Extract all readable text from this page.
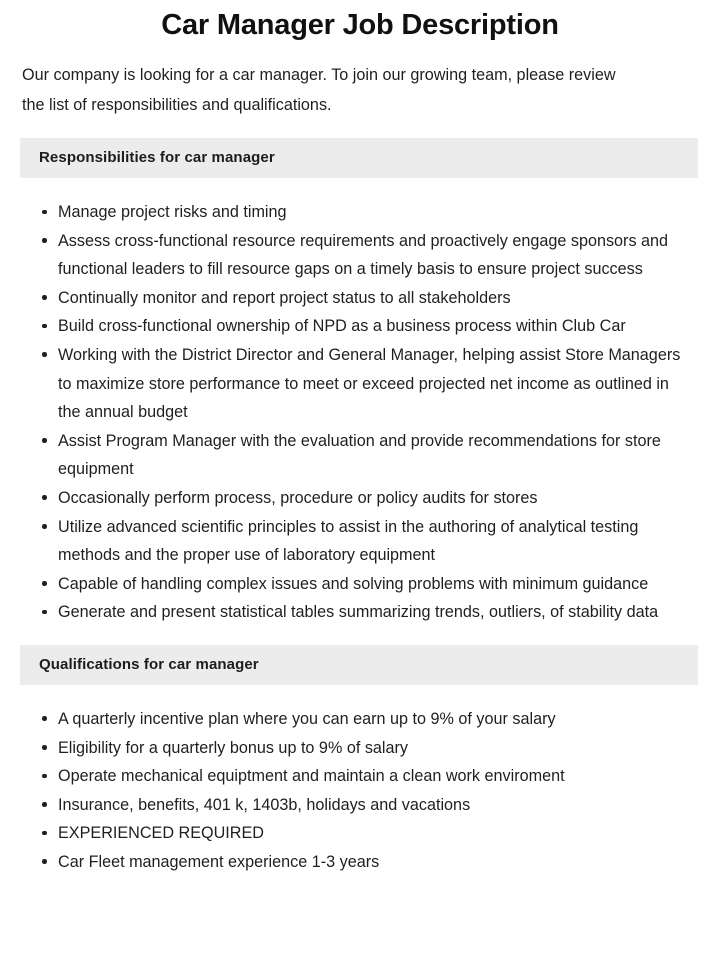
Car Manager Job Description

Our company is looking for a car manager. To join our growing team, please review the list of responsibilities and qualifications.

Responsibilities for car manager
Manage project risks and timing
Assess cross-functional resource requirements and proactively engage sponsors and functional leaders to fill resource gaps on a timely basis to ensure project success
Continually monitor and report project status to all stakeholders
Build cross-functional ownership of NPD as a business process within Club Car
Working with the District Director and General Manager, helping assist Store Managers to maximize store performance to meet or exceed projected net income as outlined in the annual budget
Assist Program Manager with the evaluation and provide recommendations for store equipment
Occasionally perform process, procedure or policy audits for stores
Utilize advanced scientific principles to assist in the authoring of analytical testing methods and the proper use of laboratory equipment
Capable of handling complex issues and solving problems with minimum guidance
Generate and present statistical tables summarizing trends, outliers, of stability data
Qualifications for car manager
A quarterly incentive plan where you can earn up to 9% of your salary
Eligibility for a quarterly bonus up to 9% of salary
Operate mechanical equiptment and maintain a clean work enviroment
Insurance, benefits, 401 k, 1403b, holidays and vacations
EXPERIENCED REQUIRED
Car Fleet management experience 1-3 years
